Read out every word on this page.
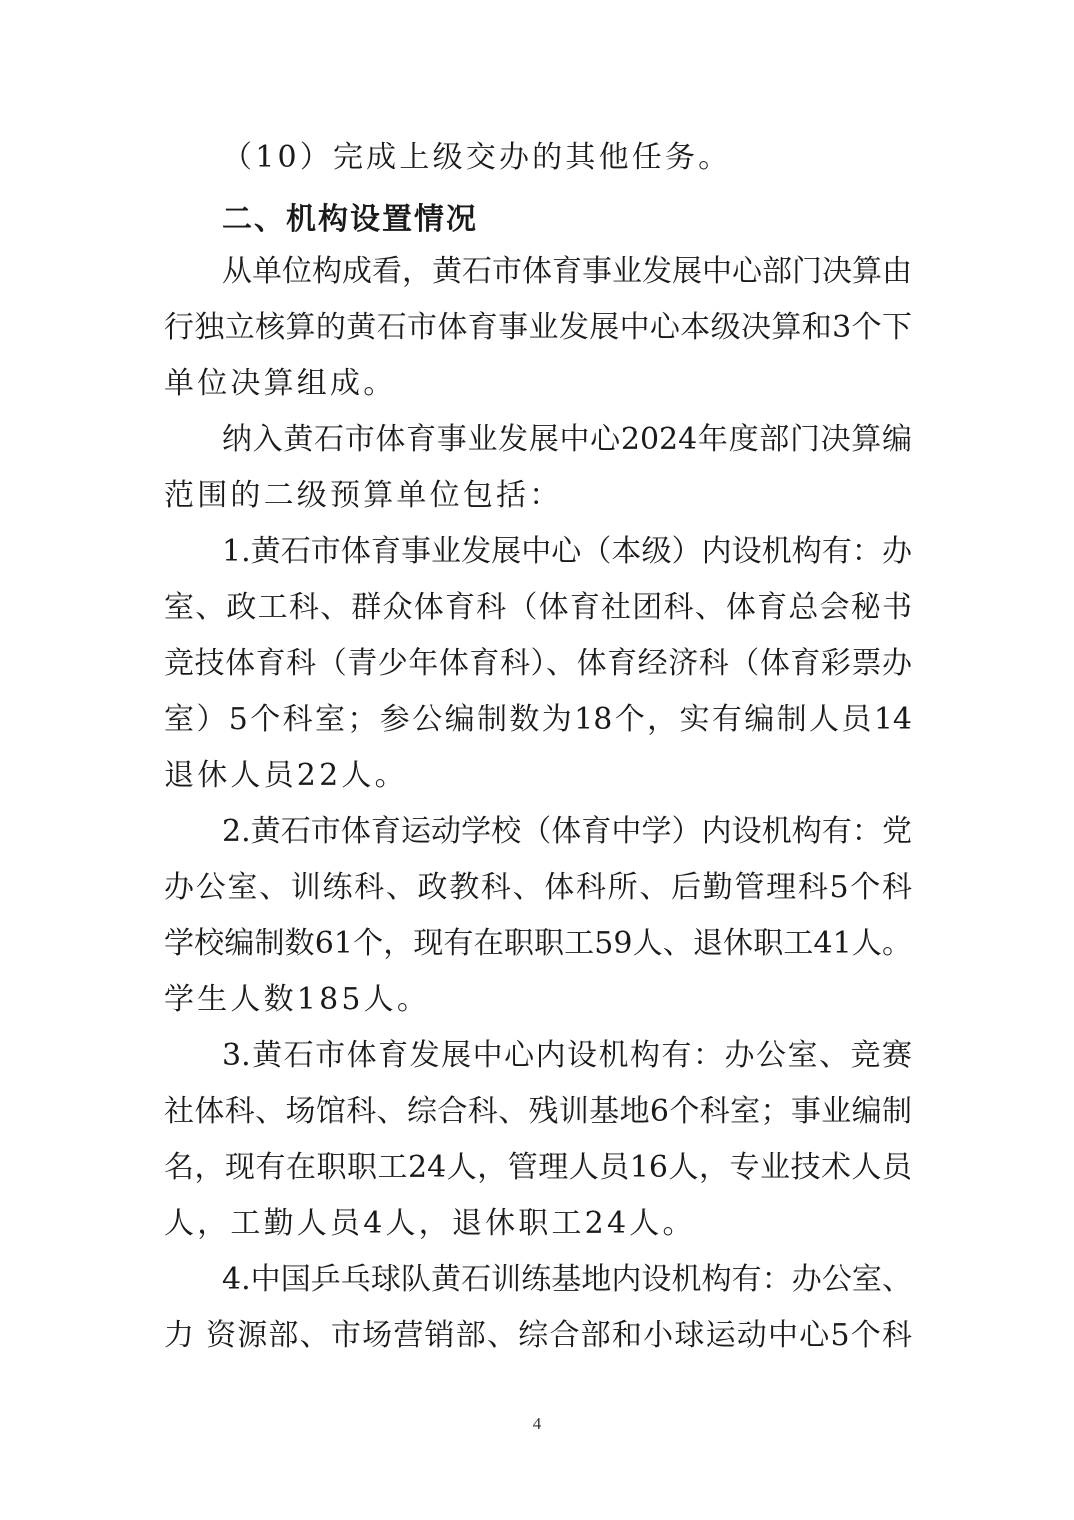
（10）完成上级交办的其他任务。

二、机构设置情况

从单位构成看，黄石市体育事业发展中心部门决算由

行独立核算的黄石市体育事业发展中心本级决算和3个下

单位决算组成。

纳入黄石市体育事业发展中心2024年度部门决算编

范围的二级预算单位包括：

1.黄石市体育事业发展中心（本级）内设机构有：办

室、政工科、群众体育科（体育社团科、体育总会秘书

竞技体育科（青少年体育科）、体育经济科（体育彩票办

室）5个科室；参公编制数为18个，实有编制人员14

退休人员22人。

2.黄石市体育运动学校（体育中学）内设机构有：党

办公室、训练科、政教科、体科所、后勤管理科5个科

学校编制数61个，现有在职职工59人、退休职工41人。

学生人数185人。

3.黄石市体育发展中心内设机构有：办公室、竞赛

社体科、场馆科、综合科、残训基地6个科室；事业编制

名，现有在职职工24人，管理人员16人，专业技术人员

人，工勤人员4人，退休职工24人。

4.中国乒乓球队黄石训练基地内设机构有：办公室、

力 资源部、市场营销部、综合部和小球运动中心5个科

4
